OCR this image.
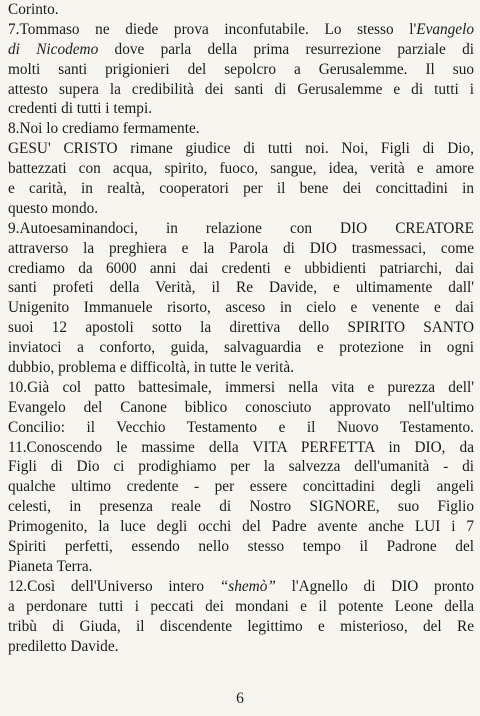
Corinto.
7.Tommaso ne diede prova inconfutabile. Lo stesso l'Evangelo
di Nicodemo dove parla della prima resurrezione parziale di
molti santi prigionieri del sepolcro a Gerusalemme. Il suo
attesto supera la credibilità dei santi di Gerusalemme e di tutti i
credenti di tutti i tempi.
8.Noi lo crediamo fermamente.
GESU' CRISTO rimane giudice di tutti noi. Noi, Figli di Dio,
battezzati con acqua, spirito, fuoco, sangue, idea, verità e amore
e carità, in realtà, cooperatori per il bene dei concittadini in
questo mondo.
9.Autoesaminandoci, in relazione con DIO CREATORE
attraverso la preghiera e la Parola di DIO trasmessaci, come
crediamo da 6000 anni dai credenti e ubbidienti patriarchi, dai
santi profeti della Verità, il Re Davide, e ultimamente dall'
Unigenito Immanuele risorto, asceso in cielo e venente e dai
suoi 12 apostoli sotto la direttiva dello SPIRITO SANTO
inviatoci a conforto, guida, salvaguardia e protezione in ogni
dubbio, problema e difficoltà, in tutte le verità.
10.Già col patto battesimale, immersi nella vita e purezza dell'
Evangelo del Canone biblico conosciuto approvato nell'ultimo
Concilio: il Vecchio Testamento e il Nuovo Testamento.
11.Conoscendo le massime della VITA PERFETTA in DIO, da
Figli di Dio ci prodighiamo per la salvezza dell'umanità - di
qualche ultimo credente - per essere concittadini degli angeli
celesti, in presenza reale di Nostro SIGNORE, suo Figlio
Primogenito, la luce degli occhi del Padre avente anche LUI i 7
Spiriti perfetti, essendo nello stesso tempo il Padrone del
Pianeta Terra.
12.Così dell'Universo intero “shemò” l'Agnello di DIO pronto
a perdonare tutti i peccati dei mondani e il potente Leone della
tribù di Giuda, il discendente legittimo e misterioso, del Re
prediletto Davide.
6
